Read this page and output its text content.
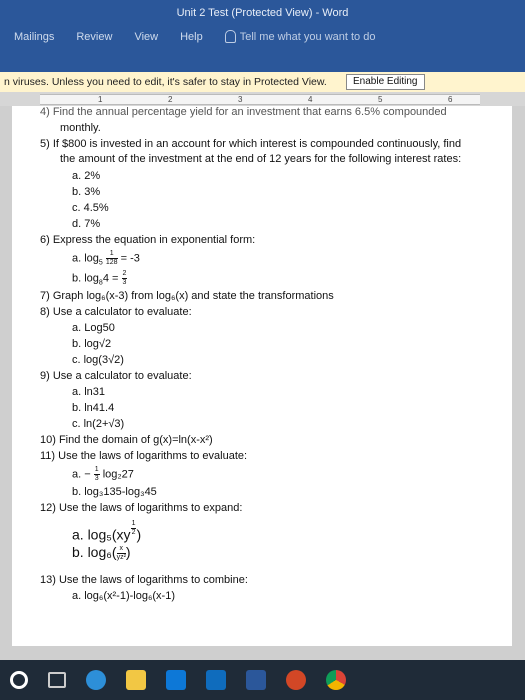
Unit 2 Test (Protected View) - Word
Mailings Review View Help	Tell me what you want to do
n viruses. Unless you need to edit, it's safer to stay in Protected View.	Enable Editing
1	2	3	4	5	6
4) Find the annual percentage yield for an investment that earns 6.5% compounded
monthly.
5) If $800 is invested in an account for which interest is compounded continuously, find
the amount of the investment at the end of 12 years for the following interest rates:
a. 2%
b. 3%
c. 4.5%
d. 7%
6) Express the equation in exponential form:
a. $\log_5 \frac{1}{128} = -3$
b. $\log_84 = \frac{2}{3}$
7) Graph log₆(x-3) from log₆(x) and state the transformations
8) Use a calculator to evaluate:
a. Log50
b. log√2
c. log(3√2)
9) Use a calculator to evaluate:
a. ln31
b. ln41.4
c. ln(2+√3)
10) Find the domain of g(x)=ln(x-x²)
11) Use the laws of logarithms to evaluate:
a. − $\frac{1}{3} \log_227$
b. log₃135-log₃45
12) Use the laws of logarithms to expand:
a. $\log_5(xy \frac{1}{2}$ )
b. $\log_6( \frac{x}{\text{yz²}}$ )
13) Use the laws of logarithms to combine:
a. log₆(x²-1)-log₆(x-1)
